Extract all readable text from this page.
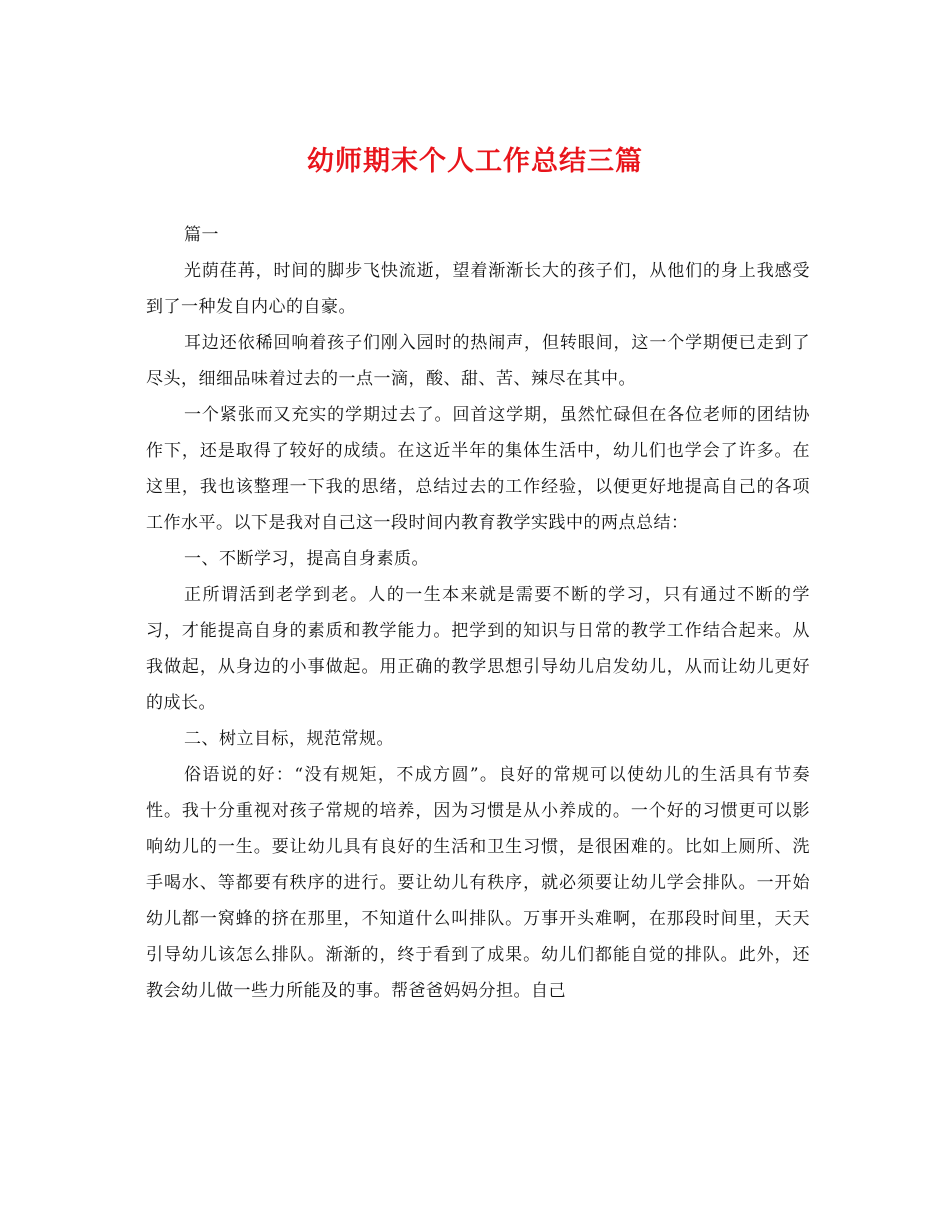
幼师期末个人工作总结三篇

篇一

光荫荏苒，时间的脚步飞快流逝，望着渐渐长大的孩子们，从他们的身上我感受到了一种发自内心的自豪。

耳边还依稀回响着孩子们刚入园时的热闹声，但转眼间，这一个学期便已走到了尽头，细细品味着过去的一点一滴，酸、甜、苦、辣尽在其中。

一个紧张而又充实的学期过去了。回首这学期，虽然忙碌但在各位老师的团结协作下，还是取得了较好的成绩。在这近半年的集体生活中，幼儿们也学会了许多。在这里，我也该整理一下我的思绪，总结过去的工作经验，以便更好地提高自己的各项工作水平。以下是我对自己这一段时间内教育教学实践中的两点总结：

一、不断学习，提高自身素质。

正所谓活到老学到老。人的一生本来就是需要不断的学习，只有通过不断的学习，才能提高自身的素质和教学能力。把学到的知识与日常的教学工作结合起来。从我做起，从身边的小事做起。用正确的教学思想引导幼儿启发幼儿，从而让幼儿更好的成长。

二、树立目标，规范常规。

俗语说的好：“没有规矩，不成方圆”。良好的常规可以使幼儿的生活具有节奏性。我十分重视对孩子常规的培养，因为习惯是从小养成的。一个好的习惯更可以影响幼儿的一生。要让幼儿具有良好的生活和卫生习惯，是很困难的。比如上厕所、洗手喝水、等都要有秩序的进行。要让幼儿有秩序，就必须要让幼儿学会排队。一开始幼儿都一窝蜂的挤在那里，不知道什么叫排队。万事开头难啊，在那段时间里，天天引导幼儿该怎么排队。渐渐的，终于看到了成果。幼儿们都能自觉的排队。此外，还教会幼儿做一些力所能及的事。帮爸爸妈妈分担。自己
